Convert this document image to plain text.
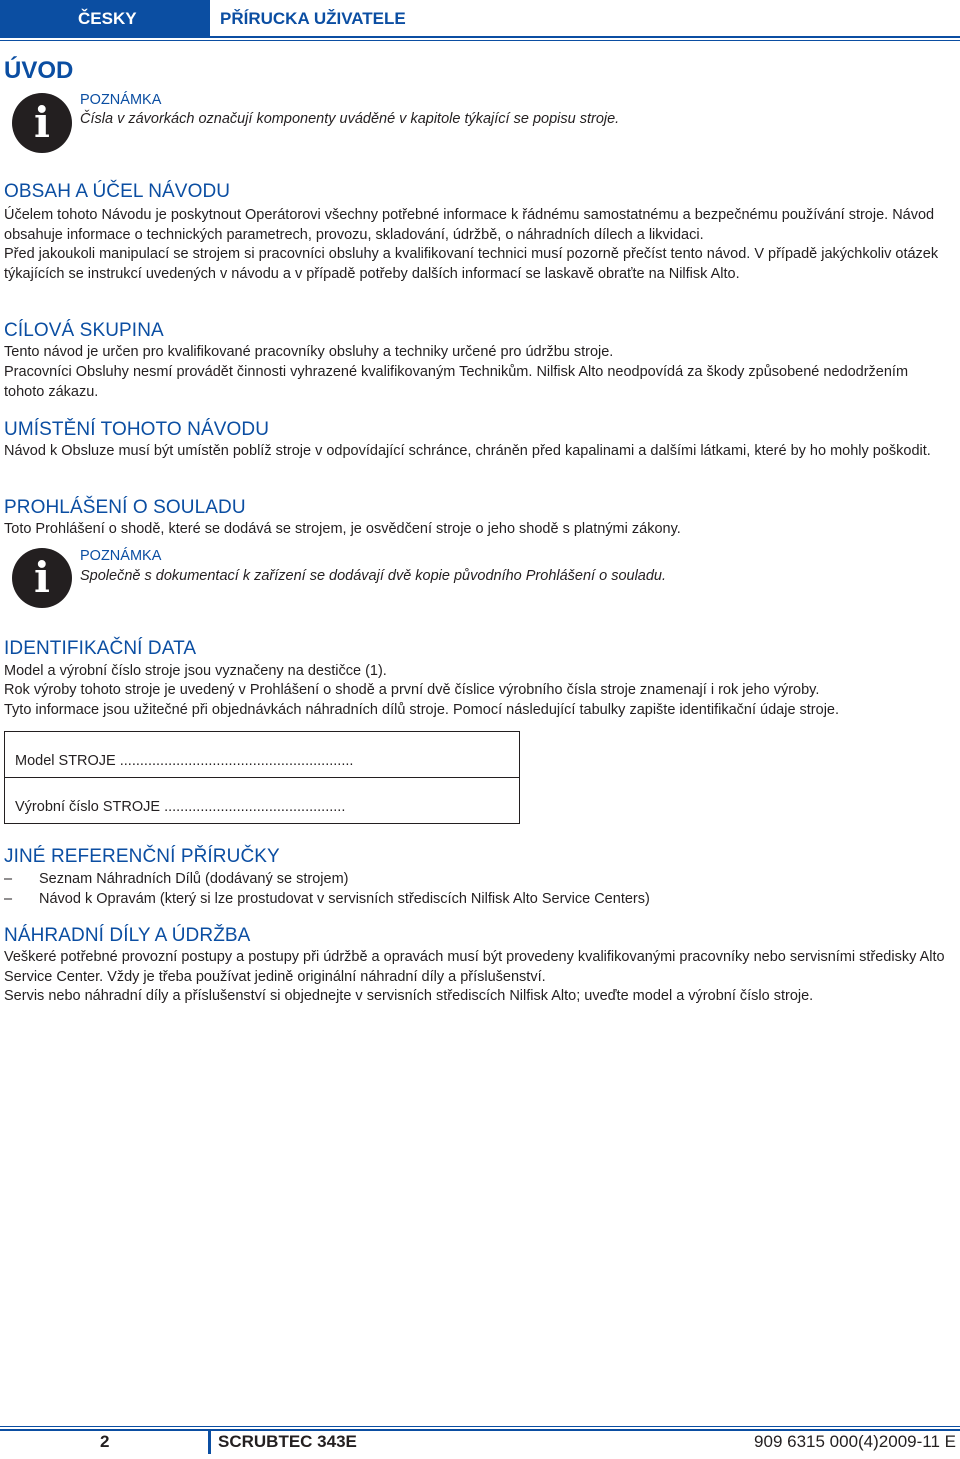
ČESKY	PŘÍRUCKA UŽIVATELE
ÚVOD
i	POZNÁMKA
Čísla v závorkách označují komponenty uváděné v kapitole týkající se popisu stroje.
OBSAH A ÚČEL NÁVODU
Účelem tohoto Návodu je poskytnout Operátorovi všechny potřebné informace k řádnému samostatnému a bezpečnému používání stroje. Návod obsahuje informace o technických parametrech, provozu, skladování, údržbě, o náhradních dílech a likvidaci.
Před jakoukoli manipulací se strojem si pracovníci obsluhy a kvalifikovaní technici musí pozorně přečíst tento návod. V případě jakýchkoliv otázek týkajících se instrukcí uvedených v návodu a v případě potřeby dalších informací se laskavě obraťte na Nilfisk Alto.
CÍLOVÁ SKUPINA
Tento návod je určen pro kvalifikované pracovníky obsluhy a techniky určené pro údržbu stroje.
Pracovníci Obsluhy nesmí provádět činnosti vyhrazené kvalifikovaným Technikům. Nilfisk Alto neodpovídá za škody způsobené nedodržením tohoto zákazu.
UMÍSTĚNÍ TOHOTO NÁVODU
Návod k Obsluze musí být umístěn poblíž stroje v odpovídající schránce, chráněn před kapalinami a dalšími látkami, které by ho mohly poškodit.
PROHLÁŠENÍ O SOULADU
Toto Prohlášení o shodě, které se dodává se strojem, je osvědčení stroje o jeho shodě s platnými zákony.
i	POZNÁMKA
Společně s dokumentací k zařízení se dodávají dvě kopie původního Prohlášení o souladu.
IDENTIFIKAČNÍ DATA
Model a výrobní číslo stroje jsou vyznačeny na destičce (1).
Rok výroby tohoto stroje je uvedený v Prohlášení o shodě a první dvě číslice výrobního čísla stroje znamenají i rok jeho výroby.
Tyto informace jsou užitečné při objednávkách náhradních dílů stroje. Pomocí následující tabulky zapište identifikační údaje stroje.
Model STROJE ..........................................................
Výrobní číslo STROJE .............................................
JINÉ REFERENČNÍ PŘÍRUČKY
– Seznam Náhradních Dílů (dodávaný se strojem)
– Návod k Opravám (který si lze prostudovat v servisních střediscích Nilfisk Alto Service Centers)
NÁHRADNÍ DÍLY A ÚDRŽBA
Veškeré potřebné provozní postupy a postupy při údržbě a opravách musí být provedeny kvalifikovanými pracovníky nebo servisními středisky Alto Service Center. Vždy je třeba používat jedině originální náhradní díly a příslušenství.
Servis nebo náhradní díly a příslušenství si objednejte v servisních střediscích Nilfisk Alto; uveďte model a výrobní číslo stroje.
2	SCRUBTEC 343E	909 6315 000(4)2009-11 E
